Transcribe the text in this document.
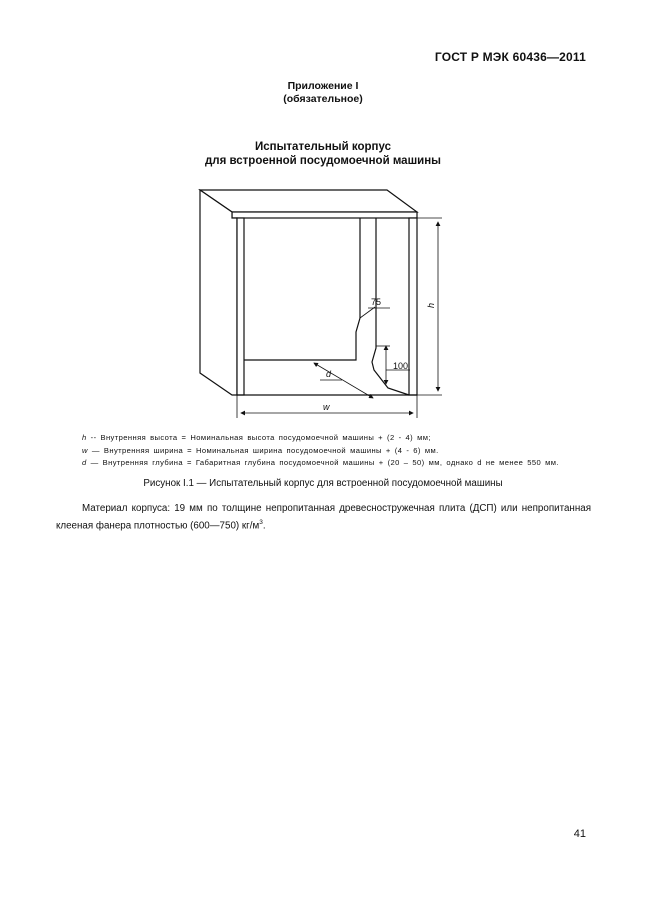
ГОСТ Р МЭК 60436—2011
Приложение I
(обязательное)
Испытательный корпус
для встроенной посудомоечной машины
75
100
h
w
d
h -- Внутренняя высота = Номинальная высота посудомоечной машины + (2 - 4) мм;
w — Внутренняя ширина = Номинальная ширина посудомоечной машины + (4 - 6) мм.
d — Внутренняя глубина = Габаритная глубина посудомоечной машины + (20 – 50) мм, однако d не менее 550 мм.
Рисунок I.1 — Испытательный корпус для встроенной посудомоечной машины
Материал корпуса: 19 мм по толщине непропитанная древесностружечная плита (ДСП) или непропитанная клееная фанера плотностью (600—750) $кг/м^3$.
41
